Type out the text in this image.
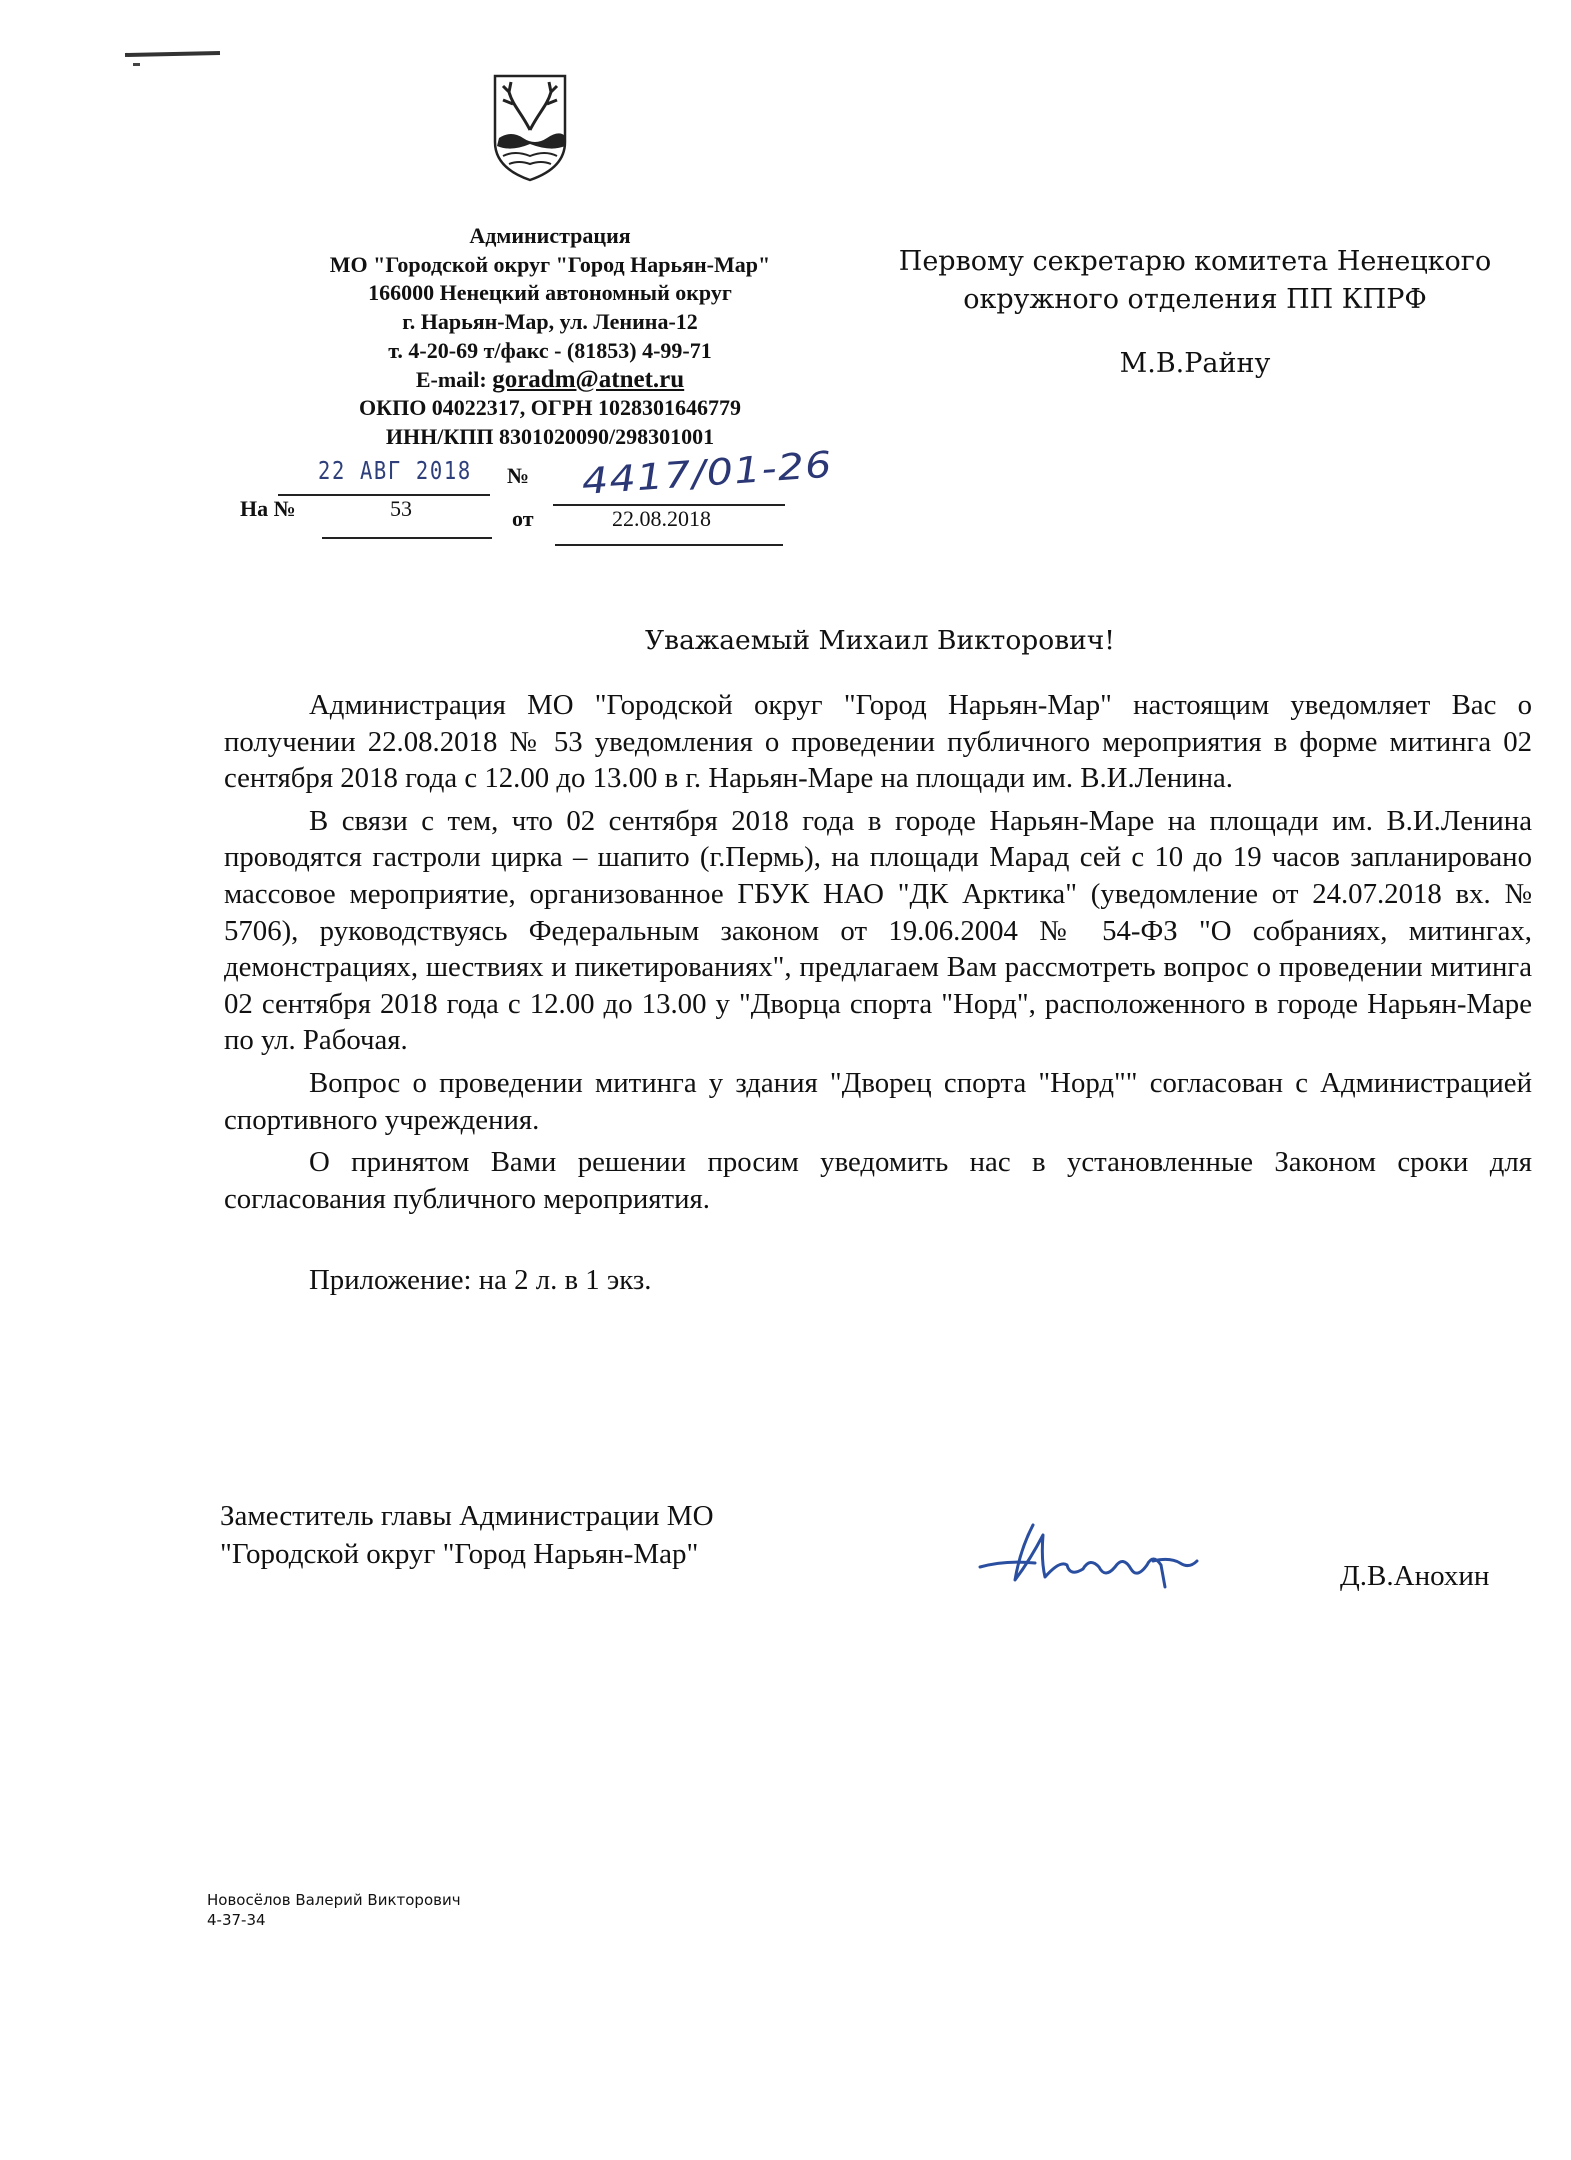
Администрация
МО "Городской округ "Город Нарьян-Мар"
166000 Ненецкий автономный округ
г. Нарьян-Мар, ул. Ленина-12
т. 4-20-69 т/факс - (81853) 4-99-71
E-mail: goradm@atnet.ru
ОКПО 04022317, ОГРН 1028301646779
ИНН/КПП 8301020090/298301001
22 АВГ 2018 № 4417/01-26
На №	53	от	22.08.2018
Первому секретарю комитета Ненецкого
окружного отделения ПП КПРФ
М.В.Райну
Уважаемый Михаил Викторович!

Администрация МО "Городской округ "Город Нарьян-Мар" настоящим уведомляет Вас о получении 22.08.2018 № 53 уведомления о проведении публичного мероприятия в форме митинга 02 сентября 2018 года с 12.00 до 13.00 в г. Нарьян-Маре на площади им. В.И.Ленина.

В связи с тем, что 02 сентября 2018 года в городе Нарьян-Маре на площади им. В.И.Ленина проводятся гастроли цирка – шапито (г.Пермь), на площади Марад сей с 10 до 19 часов запланировано массовое мероприятие, организованное ГБУК НАО "ДК Арктика" (уведомление от 24.07.2018 вх. № 5706), руководствуясь Федеральным законом от 19.06.2004 № 54-ФЗ "О собраниях, митингах, демонстрациях, шествиях и пикетированиях", предлагаем Вам рассмотреть вопрос о проведении митинга 02 сентября 2018 года с 12.00 до 13.00 у "Дворца спорта "Норд", расположенного в городе Нарьян-Маре по ул. Рабочая.

Вопрос о проведении митинга у здания "Дворец спорта "Норд"" согласован с Администрацией спортивного учреждения.

О принятом Вами решении просим уведомить нас в установленные Законом сроки для согласования публичного мероприятия.

Приложение: на 2 л. в 1 экз.

Заместитель главы Администрации МО
"Городской округ "Город Нарьян-Мар"
Д.В.Анохин
Новосёлов Валерий Викторович
4-37-34
